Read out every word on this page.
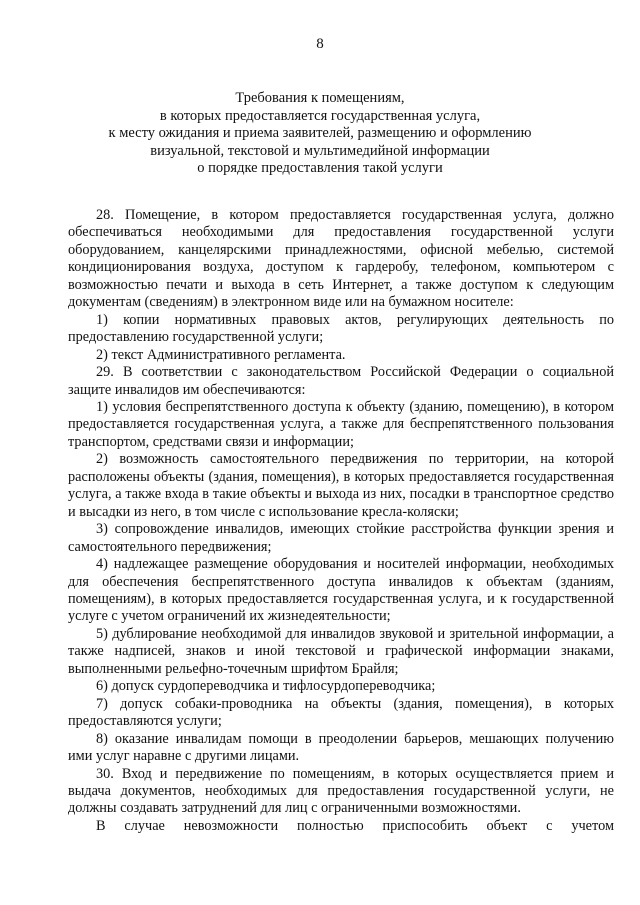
8
Требования к помещениям,
в которых предоставляется государственная услуга,
к месту ожидания и приема заявителей, размещению и оформлению
визуальной, текстовой и мультимедийной информации
о порядке предоставления такой услуги

28. Помещение, в котором предоставляется государственная услуга, должно обеспечиваться необходимыми для предоставления государственной услуги оборудованием, канцелярскими принадлежностями, офисной мебелью, системой кондиционирования воздуха, доступом к гардеробу, телефоном, компьютером с возможностью печати и выхода в сеть Интернет, а также доступом к следующим документам (сведениям) в электронном виде или на бумажном носителе:

1) копии нормативных правовых актов, регулирующих деятельность по предоставлению государственной услуги;

2) текст Административного регламента.

29. В соответствии с законодательством Российской Федерации о социальной защите инвалидов им обеспечиваются:

1) условия беспрепятственного доступа к объекту (зданию, помещению), в котором предоставляется государственная услуга, а также для беспрепятственного пользования транспортом, средствами связи и информации;

2) возможность самостоятельного передвижения по территории, на которой расположены объекты (здания, помещения), в которых предоставляется государственная услуга, а также входа в такие объекты и выхода из них, посадки в транспортное средство и высадки из него, в том числе с использование кресла-коляски;

3) сопровождение инвалидов, имеющих стойкие расстройства функции зрения и самостоятельного передвижения;

4) надлежащее размещение оборудования и носителей информации, необходимых для обеспечения беспрепятственного доступа инвалидов к объектам (зданиям, помещениям), в которых предоставляется государственная услуга, и к государственной услуге с учетом ограничений их жизнедеятельности;

5) дублирование необходимой для инвалидов звуковой и зрительной информации, а также надписей, знаков и иной текстовой и графической информации знаками, выполненными рельефно-точечным шрифтом Брайля;

6) допуск сурдопереводчика и тифлосурдопереводчика;

7) допуск собаки-проводника на объекты (здания, помещения), в которых предоставляются услуги;

8) оказание инвалидам помощи в преодолении барьеров, мешающих получению ими услуг наравне с другими лицами.

30. Вход и передвижение по помещениям, в которых осуществляется прием и выдача документов, необходимых для предоставления государственной услуги, не должны создавать затруднений для лиц с ограниченными возможностями.

В случае невозможности полностью приспособить объект с учетом
